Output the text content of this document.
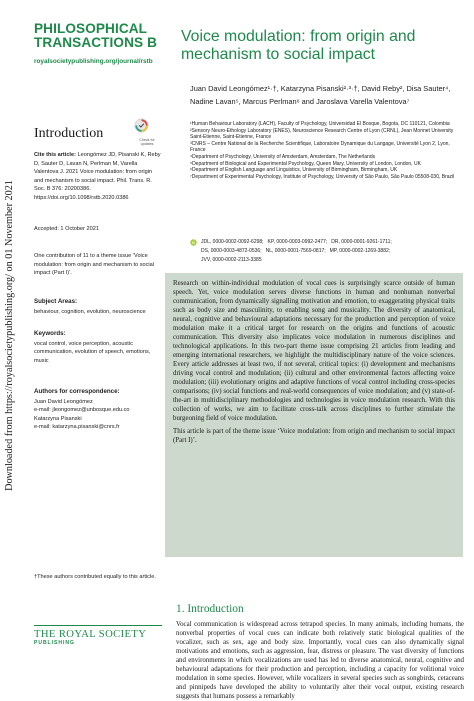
Downloaded from https://royalsocietypublishing.org/ on 01 November 2021
PHILOSOPHICAL
TRANSACTIONS B
royalsocietypublishing.org/journal/rstb
Introduction	Check for updates
Cite this article: Leongómez JD, Pisanski K, Reby D, Sauter D, Lavan N, Perlman M, Varella Valentova J. 2021 Voice modulation: from origin and mechanism to social impact. Phil. Trans. R. Soc. B 376: 20200386.
https://doi.org/10.1098/rstb.2020.0386
Accepted: 1 October 2021
One contribution of 11 to a theme issue ‘Voice modulation: from origin and mechanism to social impact (Part I)’.
Subject Areas:
behaviour, cognition, evolution, neuroscience
Keywords:
vocal control, voice perception, acoustic communication, evolution of speech, emotions, music
Authors for correspondence:
Juan David Leongómez
e-mail: jleongomez@unbosque.edu.co
Katarzyna Pisanski
e-mail: katarzyna.pisanski@cnrs.fr
†These authors contributed equally to this article.
THE ROYAL SOCIETY
PUBLISHING
Voice modulation: from origin and mechanism to social impact
Juan David Leongómez¹·†, Katarzyna Pisanski²·³·†, David Reby², Disa Sauter⁴,
Nadine Lavan⁵, Marcus Perlman⁶ and Jaroslava Varella Valentova⁷
¹Human Behaviour Laboratory (LACH), Faculty of Psychology, Universidad El Bosque, Bogota, DC 110121, Colombia
²Sensory Neuro-Ethology Laboratory (ENES), Neuroscience Research Centre of Lyon (CRNL), Jean Monnet University Saint-Etienne, Saint-Etienne, France
³CNRS – Centre National de la Recherche Scientifique, Laboratoire Dynamique du Langage, Université Lyon 2, Lyon, France
⁴Department of Psychology, University of Amsterdam, Amsterdam, The Netherlands
⁵Department of Biological and Experimental Psychology, Queen Mary, University of London, London, UK
⁶Department of English Language and Linguistics, University of Birmingham, Birmingham, UK
⁷Department of Experimental Psychology, Institute of Psychology, University of São Paulo, São Paulo 05508-030, Brazil
iD JDL, 0000-0002-0092-6298; KP, 0000-0003-0992-2477; DR, 0000-0001-9261-1711;
DS, 0000-0003-4872-0536; NL, 0000-0001-7569-0817; MP, 0000-0002-1269-3882;
JVV, 0000-0002-2113-3385

Research on within-individual modulation of vocal cues is surprisingly scarce outside of human speech. Yet, voice modulation serves diverse functions in human and nonhuman nonverbal communication, from dynamically signalling motivation and emotion, to exaggerating physical traits such as body size and masculinity, to enabling song and musicality. The diversity of anatomical, neural, cognitive and behavioural adaptations necessary for the production and perception of voice modulation make it a critical target for research on the origins and functions of acoustic communication. This diversity also implicates voice modulation in numerous disciplines and technological applications. In this two-part theme issue comprising 21 articles from leading and emerging international researchers, we highlight the multidisciplinary nature of the voice sciences. Every article addresses at least two, if not several, critical topics: (i) development and mechanisms driving vocal control and modulation; (ii) cultural and other environmental factors affecting voice modulation; (iii) evolutionary origins and adaptive functions of vocal control including cross-species comparisons; (iv) social functions and real-world consequences of voice modulation; and (v) state-of-the-art in multidisciplinary methodologies and technologies in voice modulation research. With this collection of works, we aim to facilitate cross-talk across disciplines to further stimulate the burgeoning field of voice modulation.

This article is part of the theme issue ‘Voice modulation: from origin and mechanism to social impact (Part I)’.

1. Introduction
Vocal communication is widespread across tetrapod species. In many animals, including humans, the nonverbal properties of vocal cues can indicate both relatively static biological qualities of the vocalizer, such as sex, age and body size. Importantly, vocal cues can also dynamically signal motivations and emotions, such as aggression, fear, distress or pleasure. The vast diversity of functions and environments in which vocalizations are used has led to diverse anatomical, neural, cognitive and behavioural adaptations for their production and perception, including a capacity for volitional voice modulation in some species. However, while vocalizers in several species such as songbirds, cetaceans and pinnipeds have developed the ability to voluntarily alter their vocal output, existing research suggests that humans possess a remarkably
